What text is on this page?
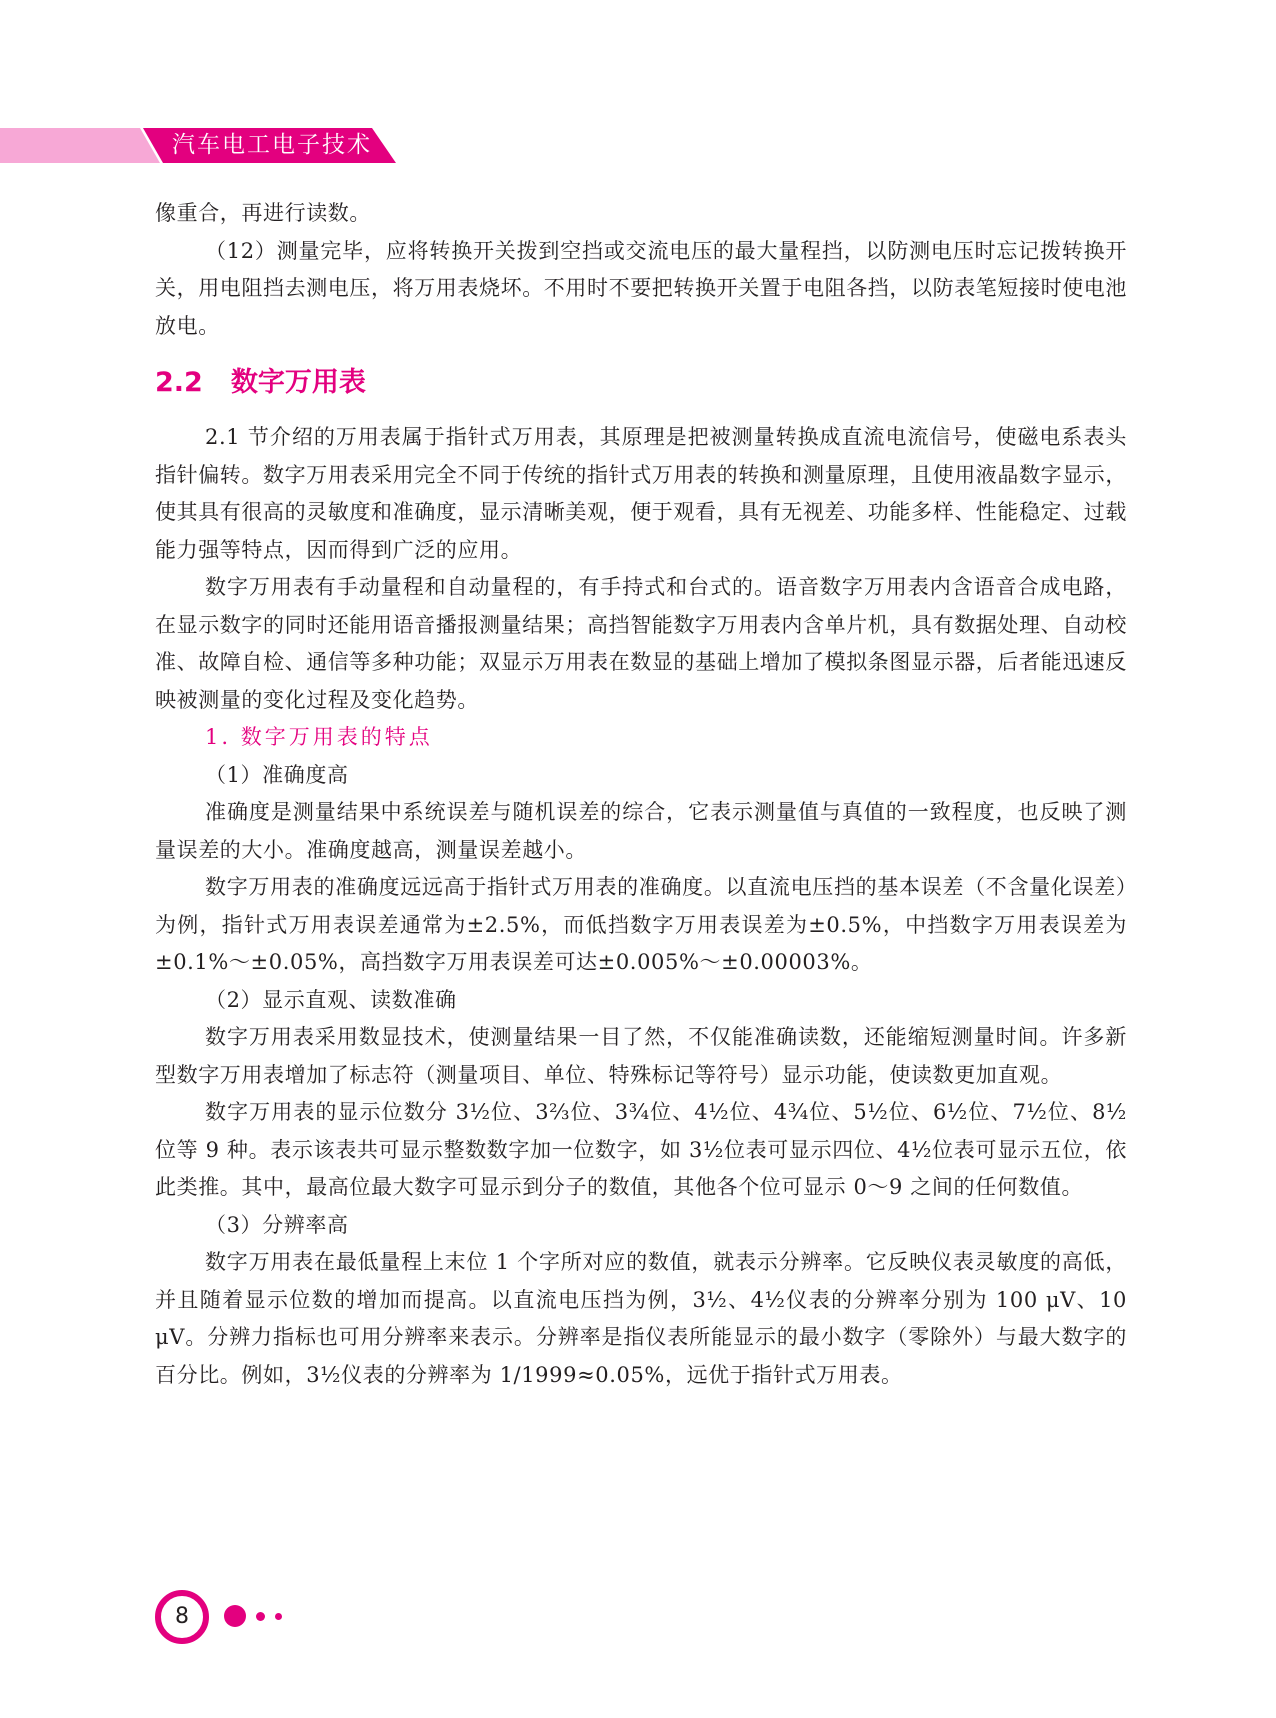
汽车电工电子技术

像重合，再进行读数。

（12）测量完毕，应将转换开关拨到空挡或交流电压的最大量程挡，以防测电压时忘记拨转换开关，用电阻挡去测电压，将万用表烧坏。不用时不要把转换开关置于电阻各挡，以防表笔短接时使电池放电。

2.2 数字万用表

2.1 节介绍的万用表属于指针式万用表，其原理是把被测量转换成直流电流信号，使磁电系表头指针偏转。数字万用表采用完全不同于传统的指针式万用表的转换和测量原理，且使用液晶数字显示，使其具有很高的灵敏度和准确度，显示清晰美观，便于观看，具有无视差、功能多样、性能稳定、过载能力强等特点，因而得到广泛的应用。

数字万用表有手动量程和自动量程的，有手持式和台式的。语音数字万用表内含语音合成电路，在显示数字的同时还能用语音播报测量结果；高挡智能数字万用表内含单片机，具有数据处理、自动校准、故障自检、通信等多种功能；双显示万用表在数显的基础上增加了模拟条图显示器，后者能迅速反映被测量的变化过程及变化趋势。

1. 数字万用表的特点

（1）准确度高

准确度是测量结果中系统误差与随机误差的综合，它表示测量值与真值的一致程度，也反映了测量误差的大小。准确度越高，测量误差越小。

数字万用表的准确度远远高于指针式万用表的准确度。以直流电压挡的基本误差（不含量化误差）为例，指针式万用表误差通常为±2.5%，而低挡数字万用表误差为±0.5%，中挡数字万用表误差为±0.1%～±0.05%，高挡数字万用表误差可达±0.005%～±0.00003%。

（2）显示直观、读数准确

数字万用表采用数显技术，使测量结果一目了然，不仅能准确读数，还能缩短测量时间。许多新型数字万用表增加了标志符（测量项目、单位、特殊标记等符号）显示功能，使读数更加直观。

数字万用表的显示位数分 3½位、3⅔位、3¾位、4½位、4¾位、5½位、6½位、7½位、8½位等 9 种。表示该表共可显示整数数字加一位数字，如 3½位表可显示四位、4½位表可显示五位，依此类推。其中，最高位最大数字可显示到分子的数值，其他各个位可显示 0～9 之间的任何数值。

（3）分辨率高

数字万用表在最低量程上末位 1 个字所对应的数值，就表示分辨率。它反映仪表灵敏度的高低，并且随着显示位数的增加而提高。以直流电压挡为例，3½、4½仪表的分辨率分别为 100 μV、10 μV。分辨力指标也可用分辨率来表示。分辨率是指仪表所能显示的最小数字（零除外）与最大数字的百分比。例如，3½仪表的分辨率为 1/1999≈0.05%，远优于指针式万用表。

8
